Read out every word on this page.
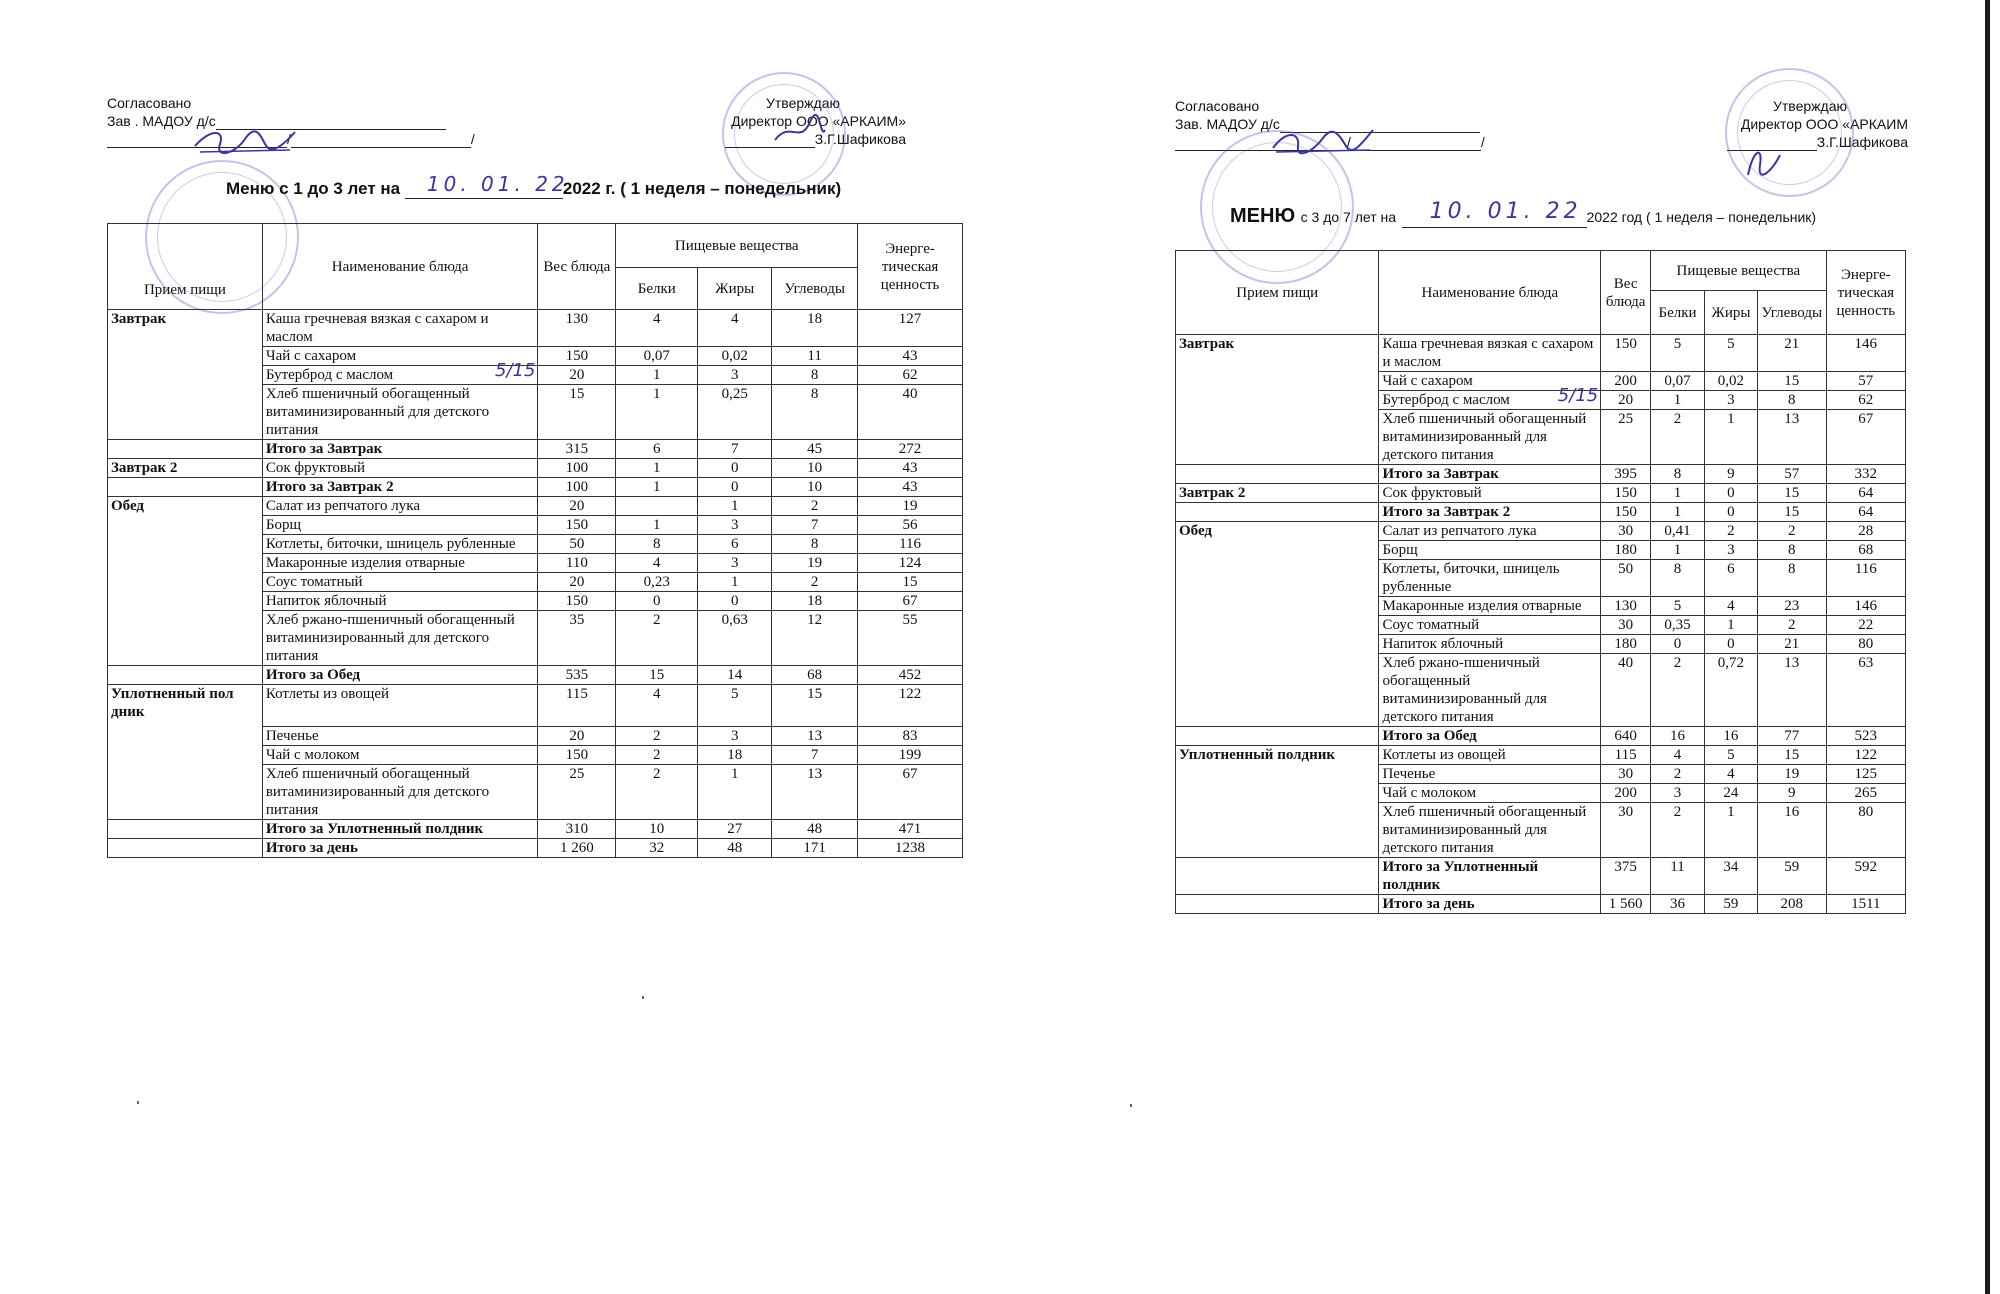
Согласовано
Зав . МАДОУ д/с
/	/
Утверждаю
Директор ООО «АРКАИМ»
З.Г.Шафикова
Меню с 1 до 3 лет на 10. 01. 22
2022 г. ( 1 неделя – понедельник)
Прием пищи	Наименование блюда	Вес блюда	Пищевые вещества			Энерге-тическая ценность
			Белки	Жиры	Углеводы	
Завтрак	Каша гречневая вязкая с сахаром и маслом	130	4	4	18	127
	Чай с сахаром	150	0,07	0,02	11	43
	Бутерброд с маслом 5/15	20	1	3	8	62
	Хлеб пшеничный обогащенный витаминизированный для детского питания	15	1	0,25	8	40
	Итого за Завтрак	315	6	7	45	272
Завтрак 2	Сок фруктовый	100	1	0	10	43
	Итого за Завтрак 2	100	1	0	10	43
Обед	Салат из репчатого лука	20		1	2	19
	Борщ	150	1	3	7	56
	Котлеты, биточки, шницель рубленные	50	8	6	8	116
	Макаронные изделия отварные	110	4	3	19	124
	Соус томатный	20	0,23	1	2	15
	Напиток яблочный	150	0	0	18	67
	Хлеб ржано-пшеничный обогащенный витаминизированный для детского питания	35	2	0,63	12	55
	Итого за Обед	535	15	14	68	452
Уплотненный пол дник	Котлеты из овощей	115	4	5	15	122
	Печенье	20	2	3	13	83
	Чай с молоком	150	2	18	7	199
	Хлеб пшеничный обогащенный витаминизированный для детского питания	25	2	1	13	67
	Итого за Уплотненный полдник	310	10	27	48	471
	Итого за день	1 260	32	48	171	1238
Согласовано
Зав. МАДОУ д/с
/	/
Утверждаю
Директор ООО «АРКАИМ
З.Г.Шафикова
МЕНЮ с 3 до 7 лет на 10. 01. 22 2022 год ( 1 неделя – понедельник)
Прием пищи	Наименование блюда	Вес блюда	Пищевые вещества			Энерге-тическая ценность
			Белки	Жиры	Углеводы	
Завтрак	Каша гречневая вязкая с сахаром и маслом	150	5	5	21	146
	Чай с сахаром	200	0,07	0,02	15	57
	Бутерброд с маслом 5/15	20	1	3	8	62
	Хлеб пшеничный обогащенный витаминизированный для детского питания	25	2	1	13	67
	Итого за Завтрак	395	8	9	57	332
Завтрак 2	Сок фруктовый	150	1	0	15	64
	Итого за Завтрак 2	150	1	0	15	64
Обед	Салат из репчатого лука	30	0,41	2	2	28
	Борщ	180	1	3	8	68
	Котлеты, биточки, шницель рубленные	50	8	6	8	116
	Макаронные изделия отварные	130	5	4	23	146
	Соус томатный	30	0,35	1	2	22
	Напиток яблочный	180	0	0	21	80
	Хлеб ржано-пшеничный обогащенный витаминизированный для детского питания	40	2	0,72	13	63
	Итого за Обед	640	16	16	77	523
Уплотненный полдник	Котлеты из овощей	115	4	5	15	122
	Печенье	30	2	4	19	125
	Чай с молоком	200	3	24	9	265
	Хлеб пшеничный обогащенный витаминизированный для детского питания	30	2	1	16	80
	Итого за Уплотненный полдник	375	11	34	59	592
	Итого за день	1 560	36	59	208	1511
